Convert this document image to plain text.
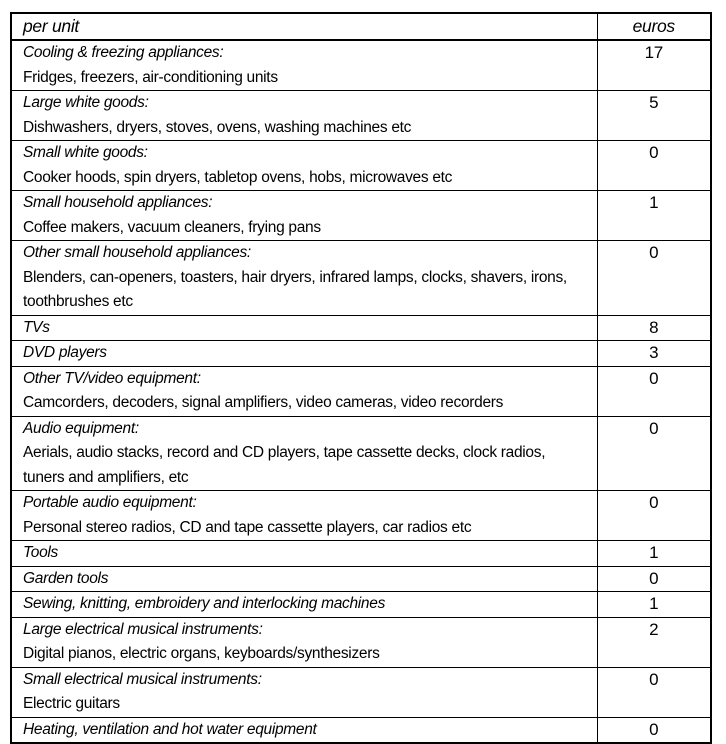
per unit	euros

Cooling & freezing appliances:
Fridges, freezers, air-conditioning units	17

Large white goods:
Dishwashers, dryers, stoves, ovens, washing machines etc	5

Small white goods:
Cooker hoods, spin dryers, tabletop ovens, hobs, microwaves etc	0

Small household appliances:
Coffee makers, vacuum cleaners, frying pans	1

Other small household appliances:
Blenders, can-openers, toasters, hair dryers, infrared lamps, clocks, shavers, irons, toothbrushes etc	0

TVs	8

DVD players	3

Other TV/video equipment:
Camcorders, decoders, signal amplifiers, video cameras, video recorders	0

Audio equipment:
Aerials, audio stacks, record and CD players, tape cassette decks, clock radios, tuners and amplifiers, etc	0

Portable audio equipment:
Personal stereo radios, CD and tape cassette players, car radios etc	0

Tools	1

Garden tools	0

Sewing, knitting, embroidery and interlocking machines	1

Large electrical musical instruments:
Digital pianos, electric organs, keyboards/synthesizers	2

Small electrical musical instruments:
Electric guitars	0

Heating, ventilation and hot water equipment	0
